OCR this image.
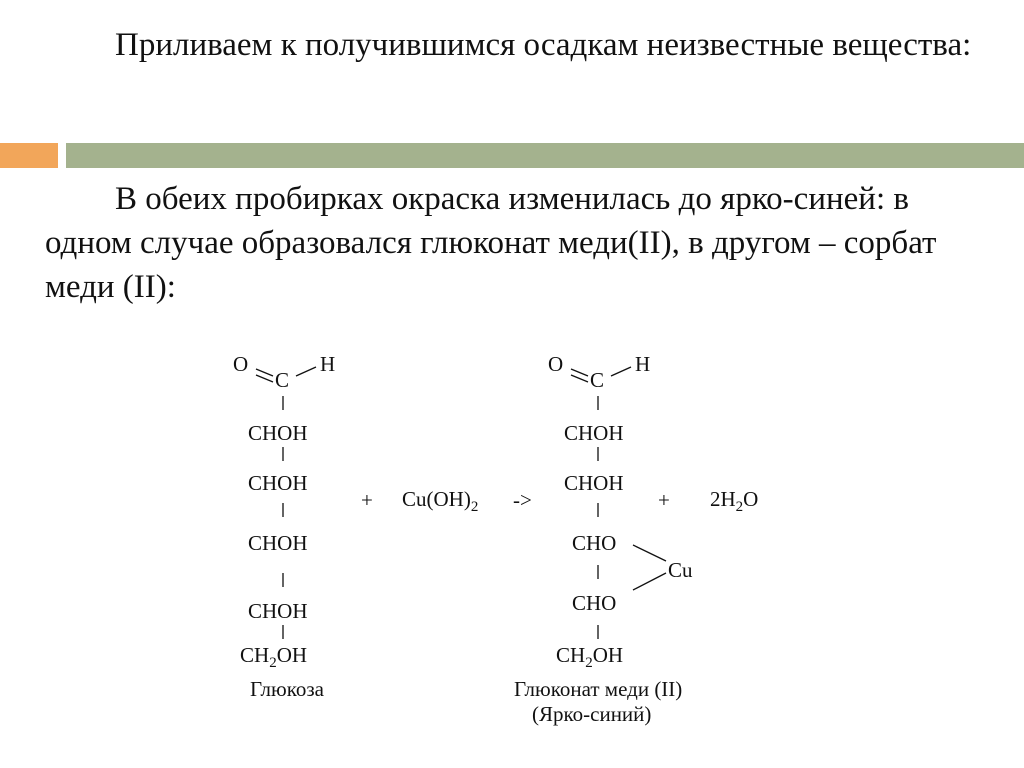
Приливаем к получившимся осадкам неизвестные вещества:

В обеих пробирках окраска изменилась до ярко-синей: в одном случае образовался глюконат меди(II), в другом – сорбат меди (II):

O
C
H
CHOH
CHOH
CHOH
CHOH
$CH_2OH$
Глюкоза
+ $Cu(OH)_2$ ->
O
C
H
CHOH
CHOH
CHO
Cu
CHO
$CH_2OH$
Глюконат меди (II)
(Ярко-синий)
+ $2H_2O$
